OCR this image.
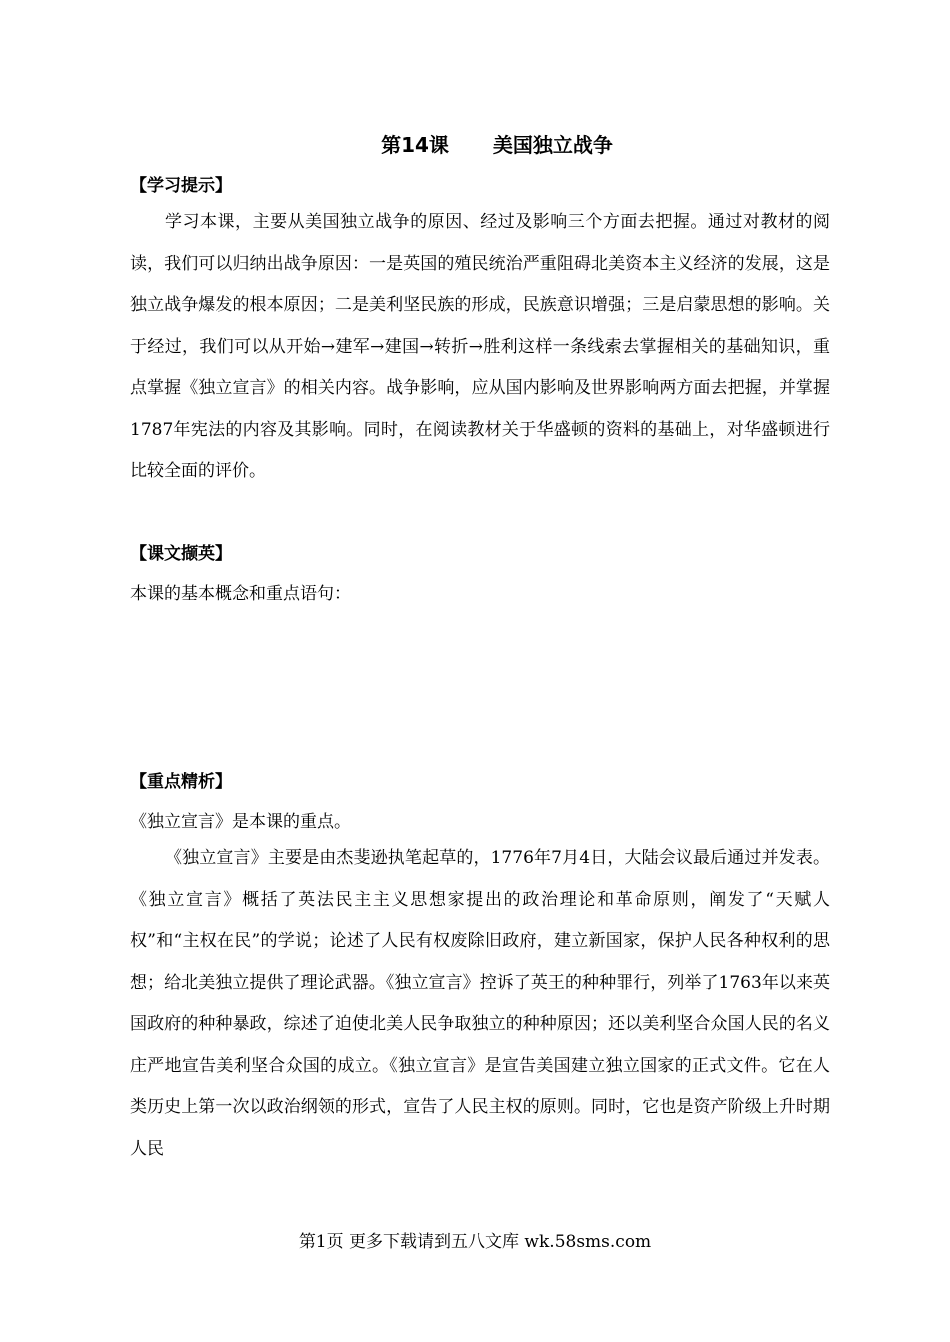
第14课 美国独立战争
【学习提示】
学习本课，主要从美国独立战争的原因、经过及影响三个方面去把握。通过对教材的阅读，我们可以归纳出战争原因：一是英国的殖民统治严重阻碍北美资本主义经济的发展，这是独立战争爆发的根本原因；二是美利坚民族的形成，民族意识增强；三是启蒙思想的影响。关于经过，我们可以从开始→建军→建国→转折→胜利这样一条线索去掌握相关的基础知识，重点掌握《独立宣言》的相关内容。战争影响，应从国内影响及世界影响两方面去把握，并掌握1787年宪法的内容及其影响。同时，在阅读教材关于华盛顿的资料的基础上，对华盛顿进行比较全面的评价。
【课文撷英】
本课的基本概念和重点语句：
【重点精析】
《独立宣言》是本课的重点。
《独立宣言》主要是由杰斐逊执笔起草的，1776年7月4日，大陆会议最后通过并发表。《独立宣言》概括了英法民主主义思想家提出的政治理论和革命原则，阐发了“天赋人权”和“主权在民”的学说；论述了人民有权废除旧政府，建立新国家，保护人民各种权利的思想；给北美独立提供了理论武器。《独立宣言》控诉了英王的种种罪行，列举了1763年以来英国政府的种种暴政，综述了迫使北美人民争取独立的种种原因；还以美利坚合众国人民的名义庄严地宣告美利坚合众国的成立。《独立宣言》是宣告美国建立独立国家的正式文件。它在人类历史上第一次以政治纲领的形式，宣告了人民主权的原则。同时，它也是资产阶级上升时期人民
第1页 更多下载请到五八文库 wk.58sms.com
